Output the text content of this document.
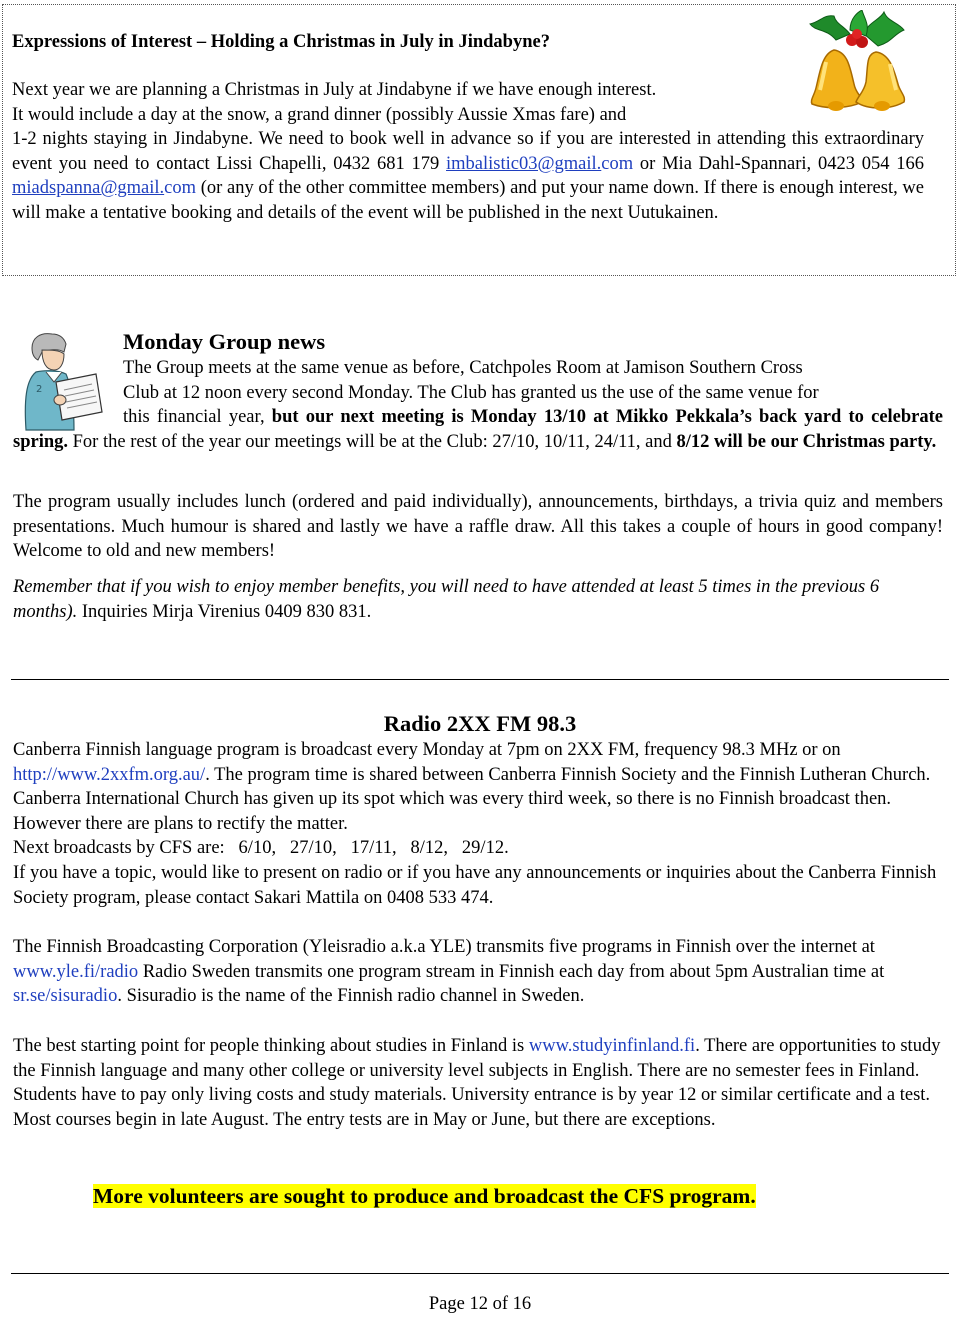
Expressions of Interest – Holding a Christmas in July in Jindabyne?

Next year we are planning a Christmas in July at Jindabyne if we have enough interest.

It would include a day at the snow, a grand dinner (possibly Aussie Xmas fare) and

1-2 nights staying in Jindabyne. We need to book well in advance so if you are interested in attending this extraordinary event you need to contact Lissi Chapelli, 0432 681 179 imbalistic03@gmail.com or Mia Dahl-Spannari, 0423 054 166 miadspanna@gmail.com (or any of the other committee members) and put your name down. If there is enough interest, we will make a tentative booking and details of the event will be published in the next Uutukainen.

2

Monday Group news

The Group meets at the same venue as before, Catchpoles Room at Jamison Southern Cross
Club at 12 noon every second Monday. The Club has granted us the use of the same venue for
this financial year, but our next meeting is Monday 13/10 at Mikko Pekkala’s back yard to celebrate spring. For the rest of the year our meetings will be at the Club: 27/10, 10/11, 24/11, and 8/12 will be our Christmas party.

The program usually includes lunch (ordered and paid individually), announcements, birthdays, a trivia quiz and members presentations. Much humour is shared and lastly we have a raffle draw. All this takes a couple of hours in good company! Welcome to old and new members!

Remember that if you wish to enjoy member benefits, you will need to have attended at least 5 times in the previous 6 months). Inquiries Mirja Virenius 0409 830 831.

Radio 2XX FM 98.3

Canberra Finnish language program is broadcast every Monday at 7pm on 2XX FM, frequency 98.3 MHz or on http://www.2xxfm.org.au/. The program time is shared between Canberra Finnish Society and the Finnish Lutheran Church. Canberra International Church has given up its spot which was every third week, so there is no Finnish broadcast then. However there are plans to rectify the matter.

Next broadcasts by CFS are:   6/10,   27/10,   17/11,   8/12,   29/12.

If you have a topic, would like to present on radio or if you have any announcements or inquiries about the Canberra Finnish Society program, please contact Sakari Mattila on 0408 533 474.

The Finnish Broadcasting Corporation (Yleisradio a.k.a YLE) transmits five programs in Finnish over the internet at www.yle.fi/radio Radio Sweden transmits one program stream in Finnish each day from about 5pm Australian time at sr.se/sisuradio. Sisuradio is the name of the Finnish radio channel in Sweden.

The best starting point for people thinking about studies in Finland is www.studyinfinland.fi. There are opportunities to study the Finnish language and many other college or university level subjects in English. There are no semester fees in Finland. Students have to pay only living costs and study materials. University entrance is by year 12 or similar certificate and a test. Most courses begin in late August. The entry tests are in May or June, but there are exceptions.

More volunteers are sought to produce and broadcast the CFS program.

Page 12 of 16
